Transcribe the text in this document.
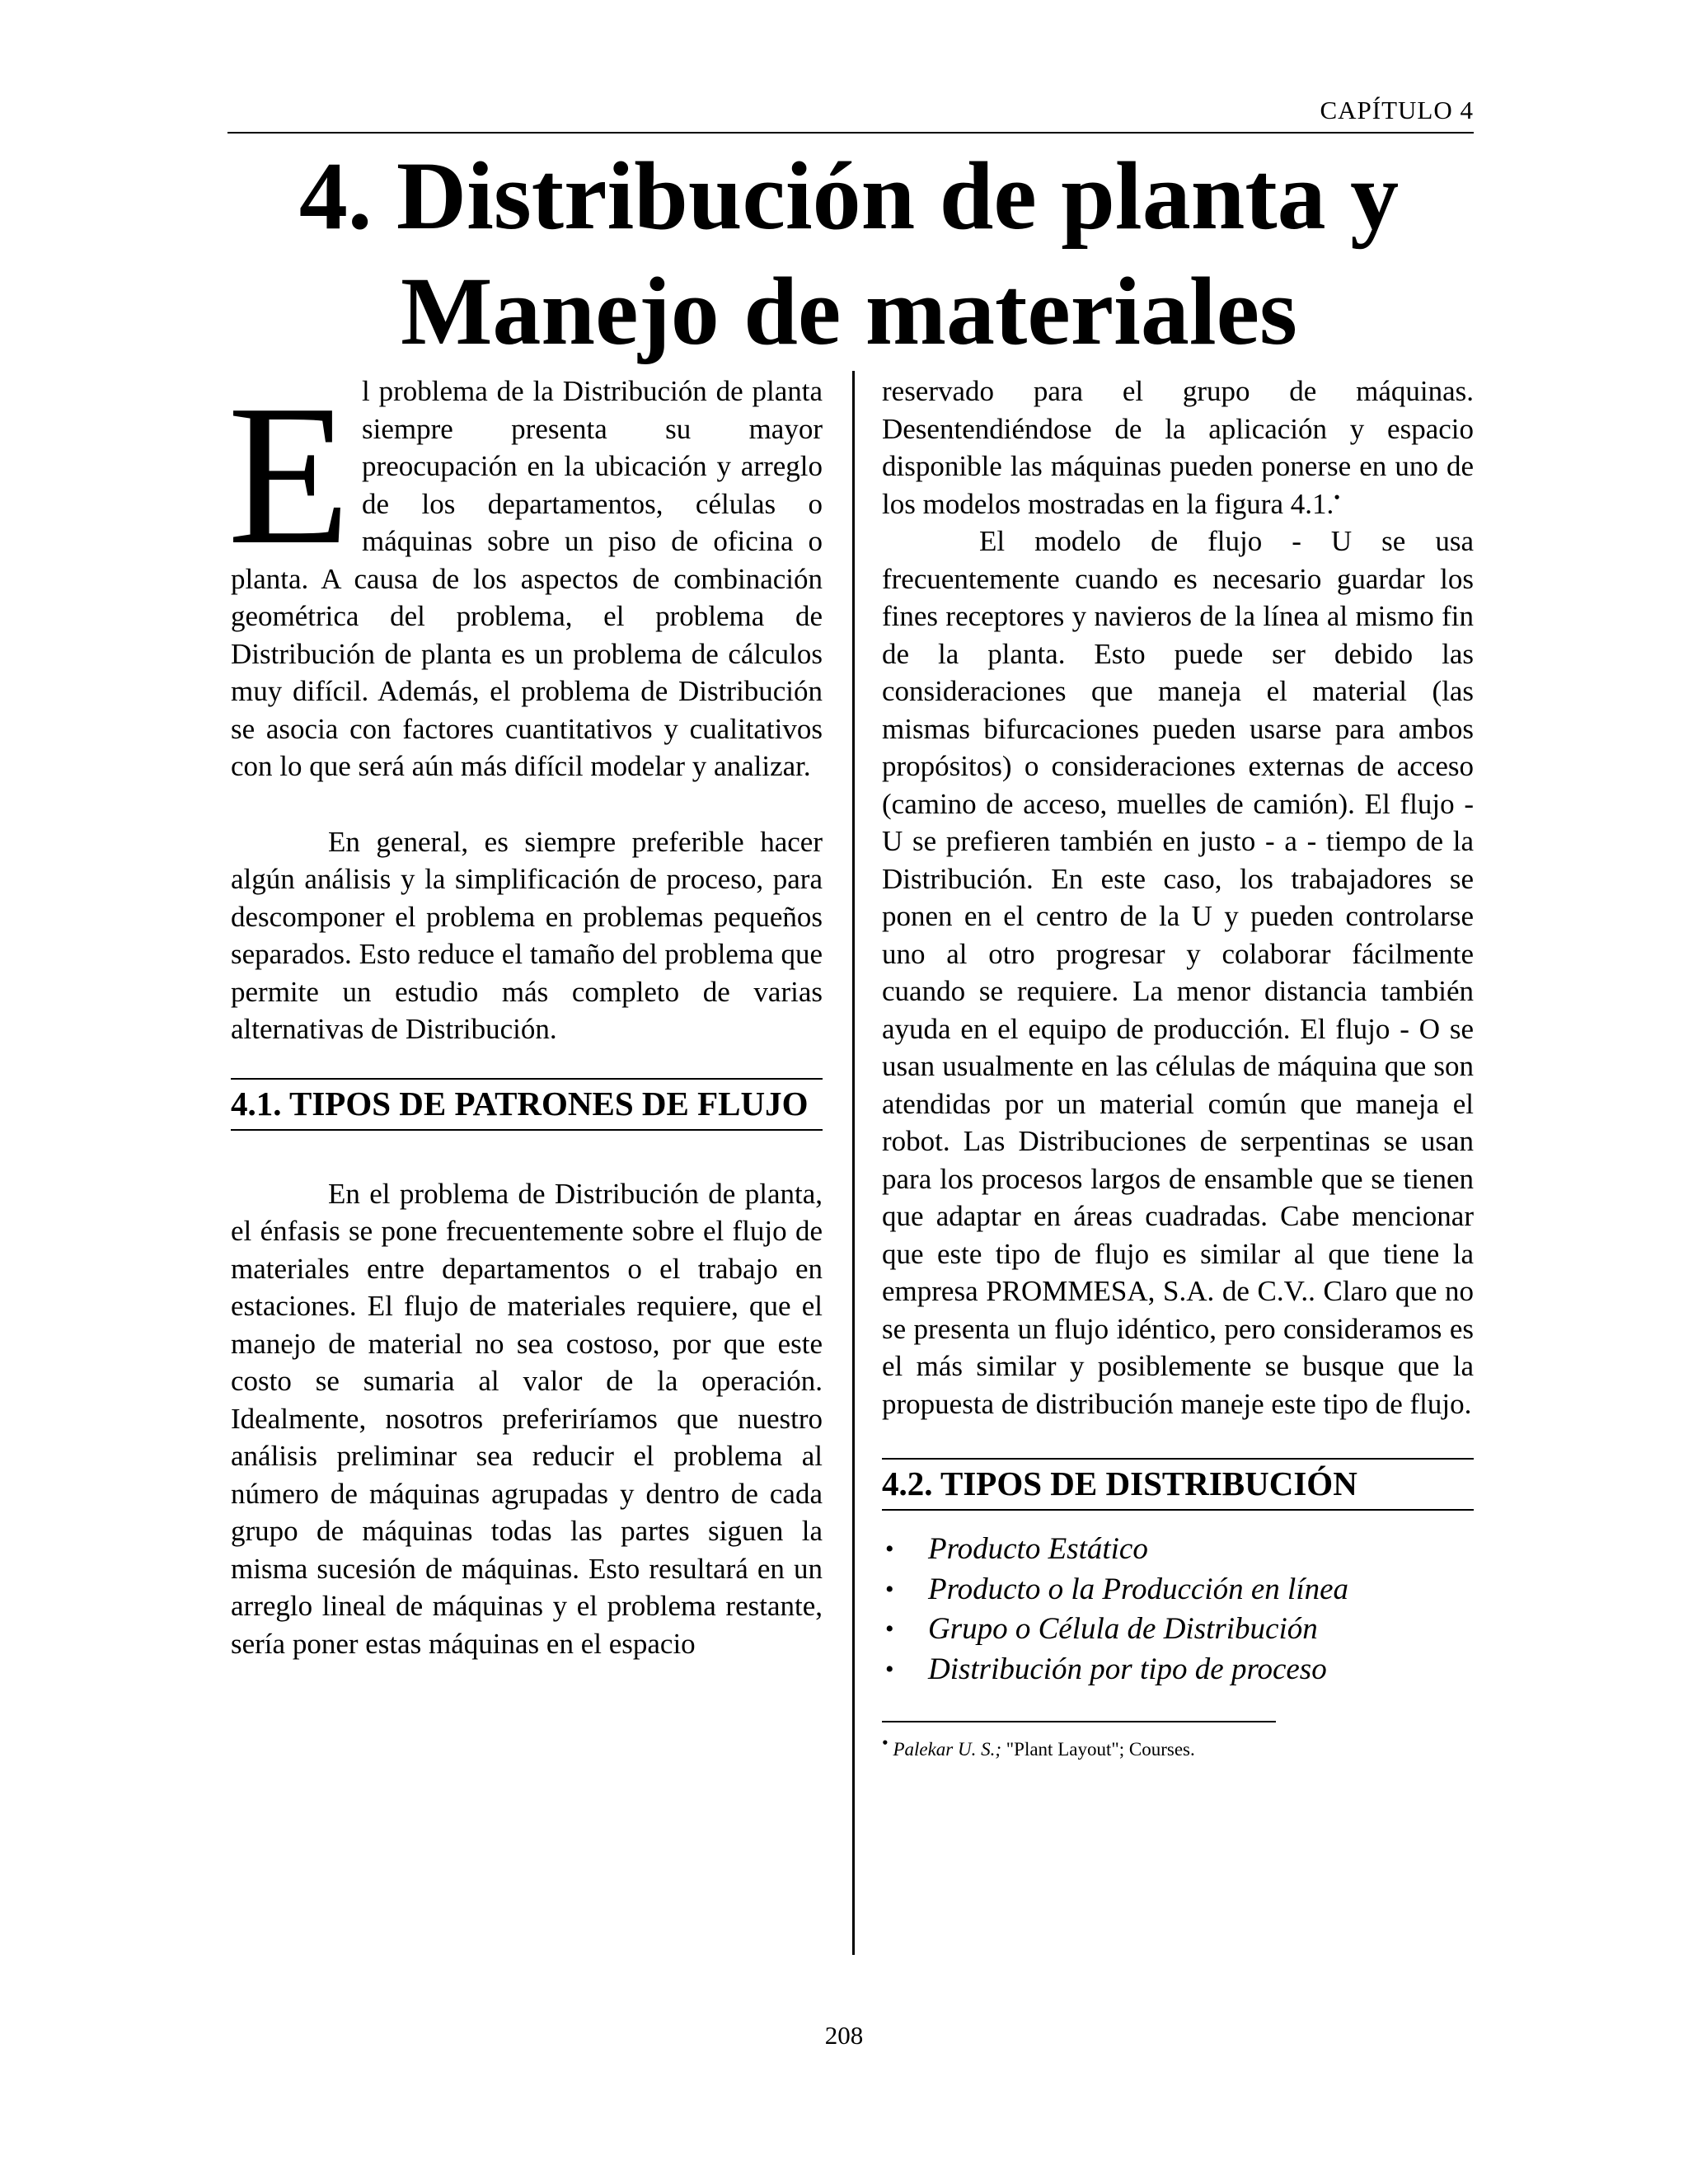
CAPÍTULO 4
4. Distribución de planta y
Manejo de materiales

El problema de la Distribución de planta siempre presenta su mayor preocupación en la ubicación y arreglo de los departamentos, células o máquinas sobre un piso de oficina o planta. A causa de los aspectos de combinación geométrica del problema, el problema de Distribución de planta es un problema de cálculos muy difícil. Además, el problema de Distribución se asocia con factores cuantitativos y cualitativos con lo que será aún más difícil modelar y analizar.

En general, es siempre preferible hacer algún análisis y la simplificación de proceso, para descomponer el problema en problemas pequeños separados. Esto reduce el tamaño del problema que permite un estudio más completo de varias alternativas de Distribución.

4.1. TIPOS DE PATRONES DE FLUJO

En el problema de Distribución de planta, el énfasis se pone frecuentemente sobre el flujo de materiales entre departamentos o el trabajo en estaciones. El flujo de materiales requiere, que el manejo de material no sea costoso, por que este costo se sumaria al valor de la operación. Idealmente, nosotros preferiríamos que nuestro análisis preliminar sea reducir el problema al número de máquinas agrupadas y dentro de cada grupo de máquinas todas las partes siguen la misma sucesión de máquinas. Esto resultará en un arreglo lineal de máquinas y el problema restante, sería poner estas máquinas en el espacio

reservado para el grupo de máquinas. Desentendiéndose de la aplicación y espacio disponible las máquinas pueden ponerse en uno de los modelos mostradas en la figura 4.1.•

El modelo de flujo - U se usa frecuentemente cuando es necesario guardar los fines receptores y navieros de la línea al mismo fin de la planta. Esto puede ser debido las consideraciones que maneja el material (las mismas bifurcaciones pueden usarse para ambos propósitos) o consideraciones externas de acceso (camino de acceso, muelles de camión). El flujo - U se prefieren también en justo - a - tiempo de la Distribución. En este caso, los trabajadores se ponen en el centro de la U y pueden controlarse uno al otro progresar y colaborar fácilmente cuando se requiere. La menor distancia también ayuda en el equipo de producción. El flujo - O se usan usualmente en las células de máquina que son atendidas por un material común que maneja el robot. Las Distribuciones de serpentinas se usan para los procesos largos de ensamble que se tienen que adaptar en áreas cuadradas. Cabe mencionar que este tipo de flujo es similar al que tiene la empresa PROMMESA, S.A. de C.V.. Claro que no se presenta un flujo idéntico, pero consideramos es el más similar y posiblemente se busque que la propuesta de distribución maneje este tipo de flujo.

4.2. TIPOS DE DISTRIBUCIÓN
• Producto Estático
• Producto o la Producción en línea
• Grupo o Célula de Distribución
• Distribución por tipo de proceso
• Palekar U. S.; "Plant Layout"; Courses.
208
